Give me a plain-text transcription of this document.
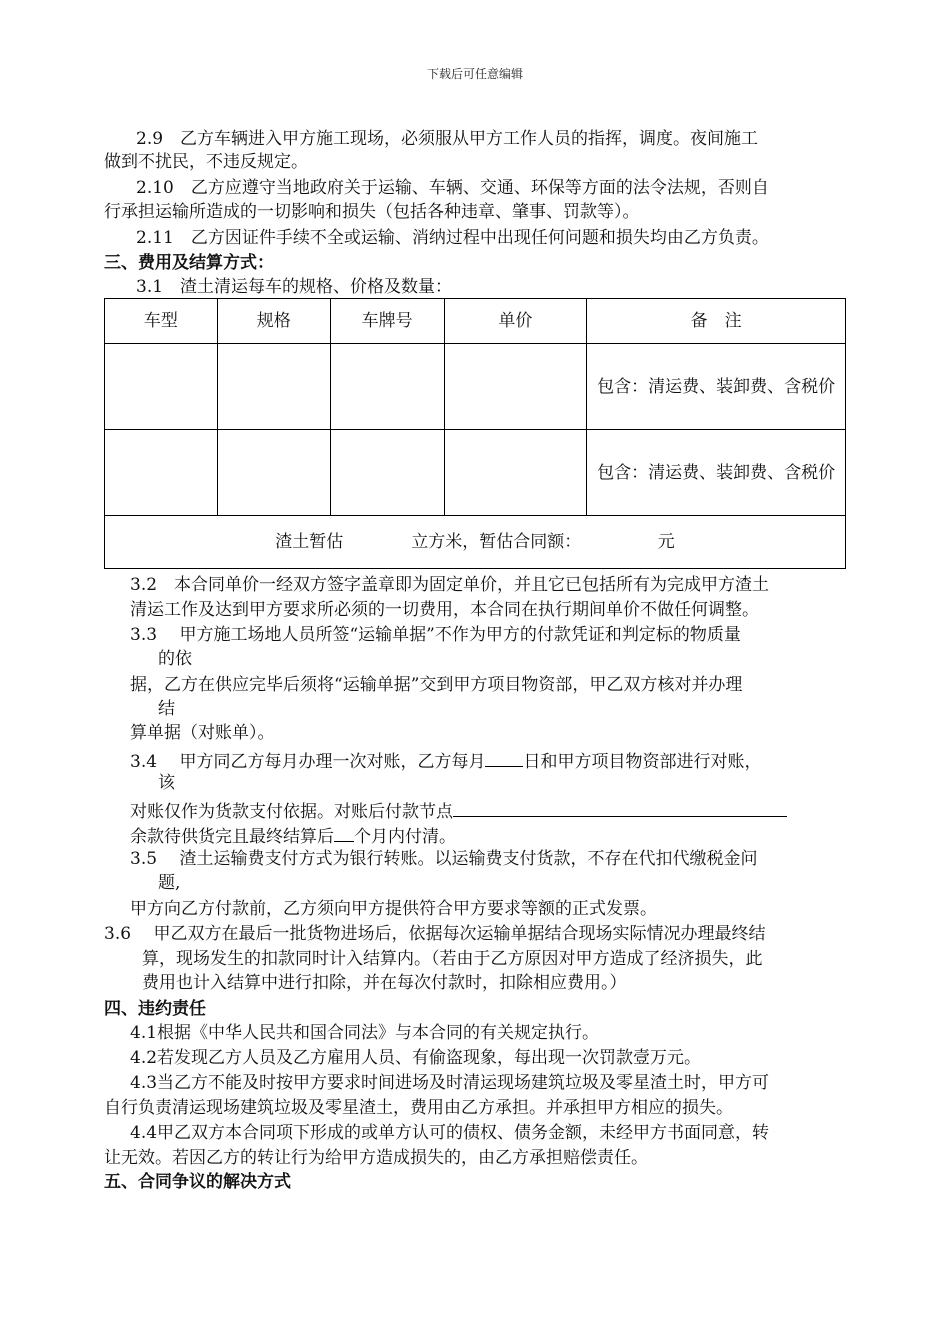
下载后可任意编辑
2.9　乙方车辆进入甲方施工现场，必须服从甲方工作人员的指挥，调度。夜间施工
做到不扰民，不违反规定。
2.10　乙方应遵守当地政府关于运输、车辆、交通、环保等方面的法令法规，否则自
行承担运输所造成的一切影响和损失（包括各种违章、肇事、罚款等）。
2.11　乙方因证件手续不全或运输、消纳过程中出现任何问题和损失均由乙方负责。
三、费用及结算方式：
3.1　渣土清运每车的规格、价格及数量：
车型	规格	车牌号	单价	备　注
				包含：清运费、装卸费、含税价
				包含：清运费、装卸费、含税价
渣土暂估　　　　立方米，暂估合同额：　　　　　元				
3.2　本合同单价一经双方签字盖章即为固定单价，并且它已包括所有为完成甲方渣土
清运工作及达到甲方要求所必须的一切费用，本合同在执行期间单价不做任何调整。
3.3　 甲方施工场地人员所签“运输单据”不作为甲方的付款凭证和判定标的物质量
的依
据，乙方在供应完毕后须将“运输单据”交到甲方项目物资部，甲乙双方核对并办理
结
算单据（对账单）。
3.4　 甲方同乙方每月办理一次对账，乙方每月 日和甲方项目物资部进行对账，
该
对账仅作为货款支付依据。对账后付款节点
余款待供货完且最终结算后 个月内付清。
3.5　 渣土运输费支付方式为银行转账。以运输费支付货款，不存在代扣代缴税金问
题,
甲方向乙方付款前，乙方须向甲方提供符合甲方要求等额的正式发票。
3.6　 甲乙双方在最后一批货物进场后，依据每次运输单据结合现场实际情况办理最终结
算，现场发生的扣款同时计入结算内。（若由于乙方原因对甲方造成了经济损失，此
费用也计入结算中进行扣除，并在每次付款时，扣除相应费用。）
四、违约责任
4.1根据《中华人民共和国合同法》与本合同的有关规定执行。
4.2若发现乙方人员及乙方雇用人员、有偷盗现象，每出现一次罚款壹万元。
4.3当乙方不能及时按甲方要求时间进场及时清运现场建筑垃圾及零星渣土时，甲方可
自行负责清运现场建筑垃圾及零星渣土，费用由乙方承担。并承担甲方相应的损失。
4.4甲乙双方本合同项下形成的或单方认可的债权、债务金额，未经甲方书面同意，转
让无效。若因乙方的转让行为给甲方造成损失的，由乙方承担赔偿责任。
五、合同争议的解决方式
